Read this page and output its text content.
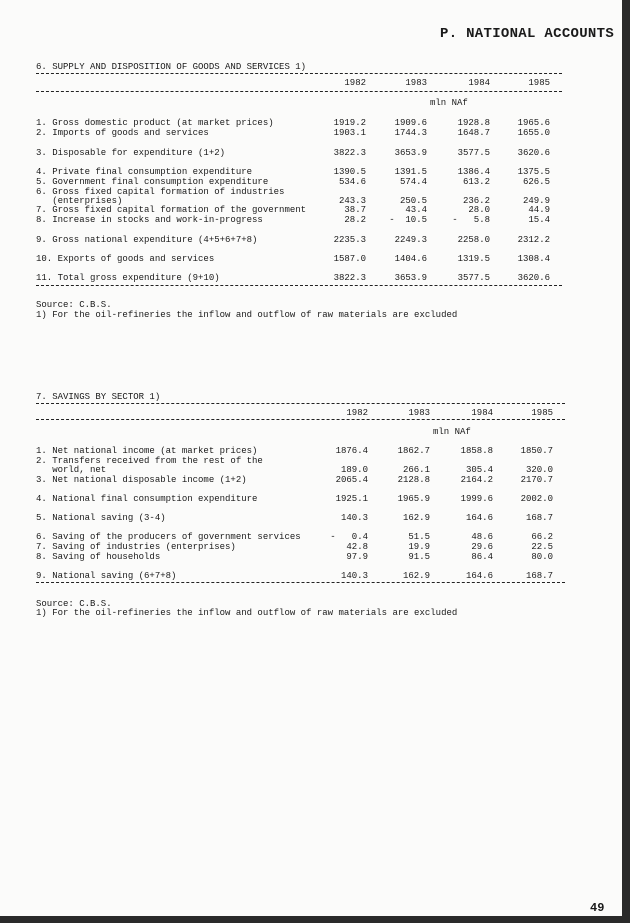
P. NATIONAL ACCOUNTS
6. SUPPLY AND DISPOSITION OF GOODS AND SERVICES 1)
1982	1983	1984	1985
mln NAf
1. Gross domestic product (at market prices)	1919.2	1909.6	1928.8	1965.6
2. Imports of goods and services	1903.1	1744.3	1648.7	1655.0
3. Disposable for expenditure (1+2)	3822.3	3653.9	3577.5	3620.6
4. Private final consumption expenditure	1390.5	1391.5	1386.4	1375.5
5. Government final consumption expenditure	534.6	574.4	613.2	626.5
6. Gross fixed capital formation of industries
(enterprises)	243.3	250.5	236.2	249.9
7. Gross fixed capital formation of the government	38.7	43.4	28.0	44.9
8. Increase in stocks and work-in-progress	28.2	-  10.5	-   5.8	15.4
9. Gross national expenditure (4+5+6+7+8)	2235.3	2249.3	2258.0	2312.2
10. Exports of goods and services	1587.0	1404.6	1319.5	1308.4
11. Total gross expenditure (9+10)	3822.3	3653.9	3577.5	3620.6
Source: C.B.S.
1) For the oil-refineries the inflow and outflow of raw materials are excluded
7. SAVINGS BY SECTOR 1)
1982	1983	1984	1985
mln NAf
1. Net national income (at market prices)	1876.4	1862.7	1858.8	1850.7
2. Transfers received from the rest of the
world, net	189.0	266.1	305.4	320.0
3. Net national disposable income (1+2)	2065.4	2128.8	2164.2	2170.7
4. National final consumption expenditure	1925.1	1965.9	1999.6	2002.0
5. National saving (3-4)	140.3	162.9	164.6	168.7
6. Saving of the producers of government services	-   0.4	51.5	48.6	66.2
7. Saving of industries (enterprises)	42.8	19.9	29.6	22.5
8. Saving of households	97.9	91.5	86.4	80.0
9. National saving (6+7+8)	140.3	162.9	164.6	168.7
Source: C.B.S.
1) For the oil-refineries the inflow and outflow of raw materials are excluded
49
